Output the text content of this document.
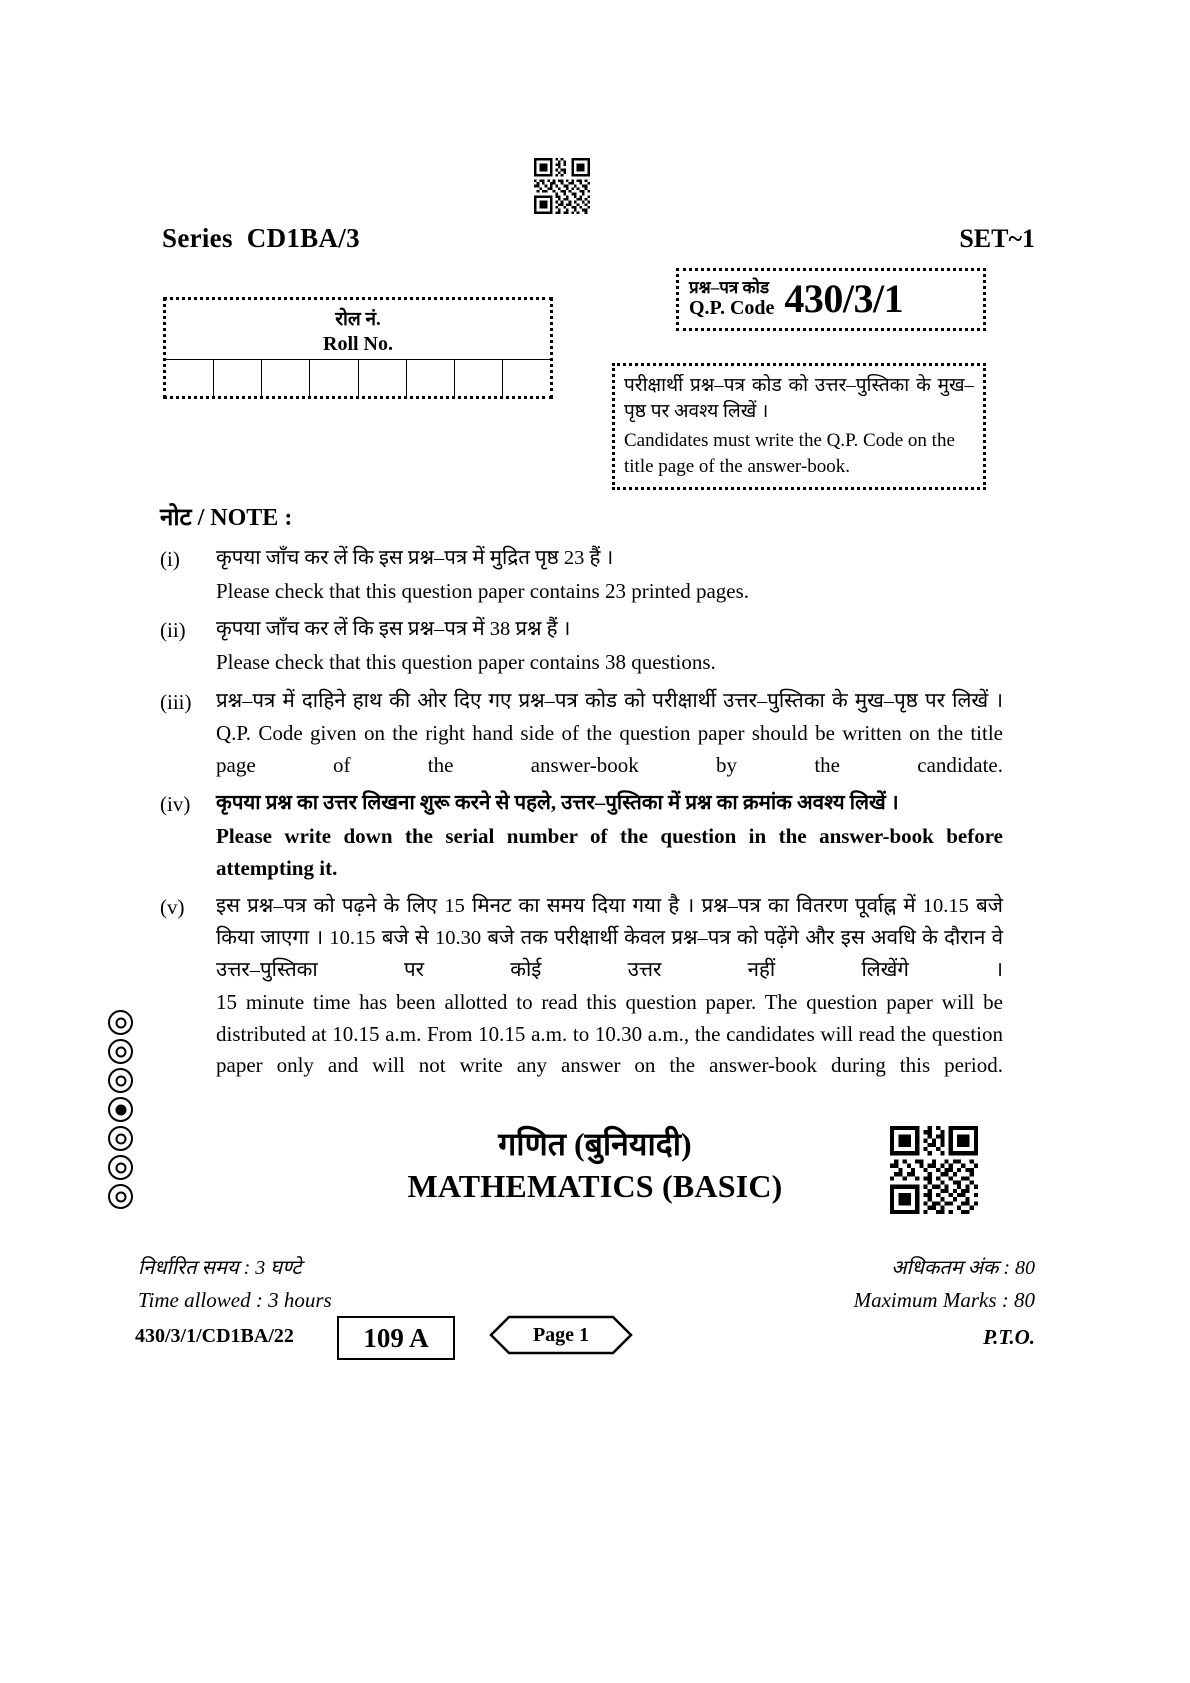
Series CD1BA/3	SET~1
रोल नं.
Roll No.
प्रश्न–पत्र कोड
Q.P. Code 430/3/1
परीक्षार्थी प्रश्न–पत्र कोड को उत्तर–पुस्तिका के मुख–पृष्ठ पर अवश्य लिखें ।
Candidates must write the Q.P. Code on the title page of the answer-book.
नोट / NOTE :
(i)	कृपया जाँच कर लें कि इस प्रश्न–पत्र में मुद्रित पृष्ठ 23 हैं ।
Please check that this question paper contains 23 printed pages.
(ii)	कृपया जाँच कर लें कि इस प्रश्न–पत्र में 38 प्रश्न हैं ।
Please check that this question paper contains 38 questions.
(iii)	प्रश्न–पत्र में दाहिने हाथ की ओर दिए गए प्रश्न–पत्र कोड को परीक्षार्थी उत्तर–पुस्तिका के मुख–पृष्ठ पर लिखें ।
Q.P. Code given on the right hand side of the question paper should be written on the title page of the answer-book by the candidate.
(iv)	कृपया प्रश्न का उत्तर लिखना शुरू करने से पहले, उत्तर–पुस्तिका में प्रश्न का क्रमांक अवश्य लिखें ।
Please write down the serial number of the question in the answer-book before attempting it.
(v)	इस प्रश्न–पत्र को पढ़ने के लिए 15 मिनट का समय दिया गया है । प्रश्न–पत्र का वितरण पूर्वाह्न में 10.15 बजे किया जाएगा । 10.15 बजे से 10.30 बजे तक परीक्षार्थी केवल प्रश्न–पत्र को पढ़ेंगे और इस अवधि के दौरान वे उत्तर–पुस्तिका पर कोई उत्तर नहीं लिखेंगे ।
15 minute time has been allotted to read this question paper. The question paper will be distributed at 10.15 a.m. From 10.15 a.m. to 10.30 a.m., the candidates will read the question paper only and will not write any answer on the answer-book during this period.
गणित (बुनियादी)
MATHEMATICS (BASIC)
निर्धारित समय : 3 घण्टे	अधिकतम अंक : 80
Time allowed : 3 hours	Maximum Marks : 80
430/3/1/CD1BA/22	109 A	Page 1	P.T.O.
